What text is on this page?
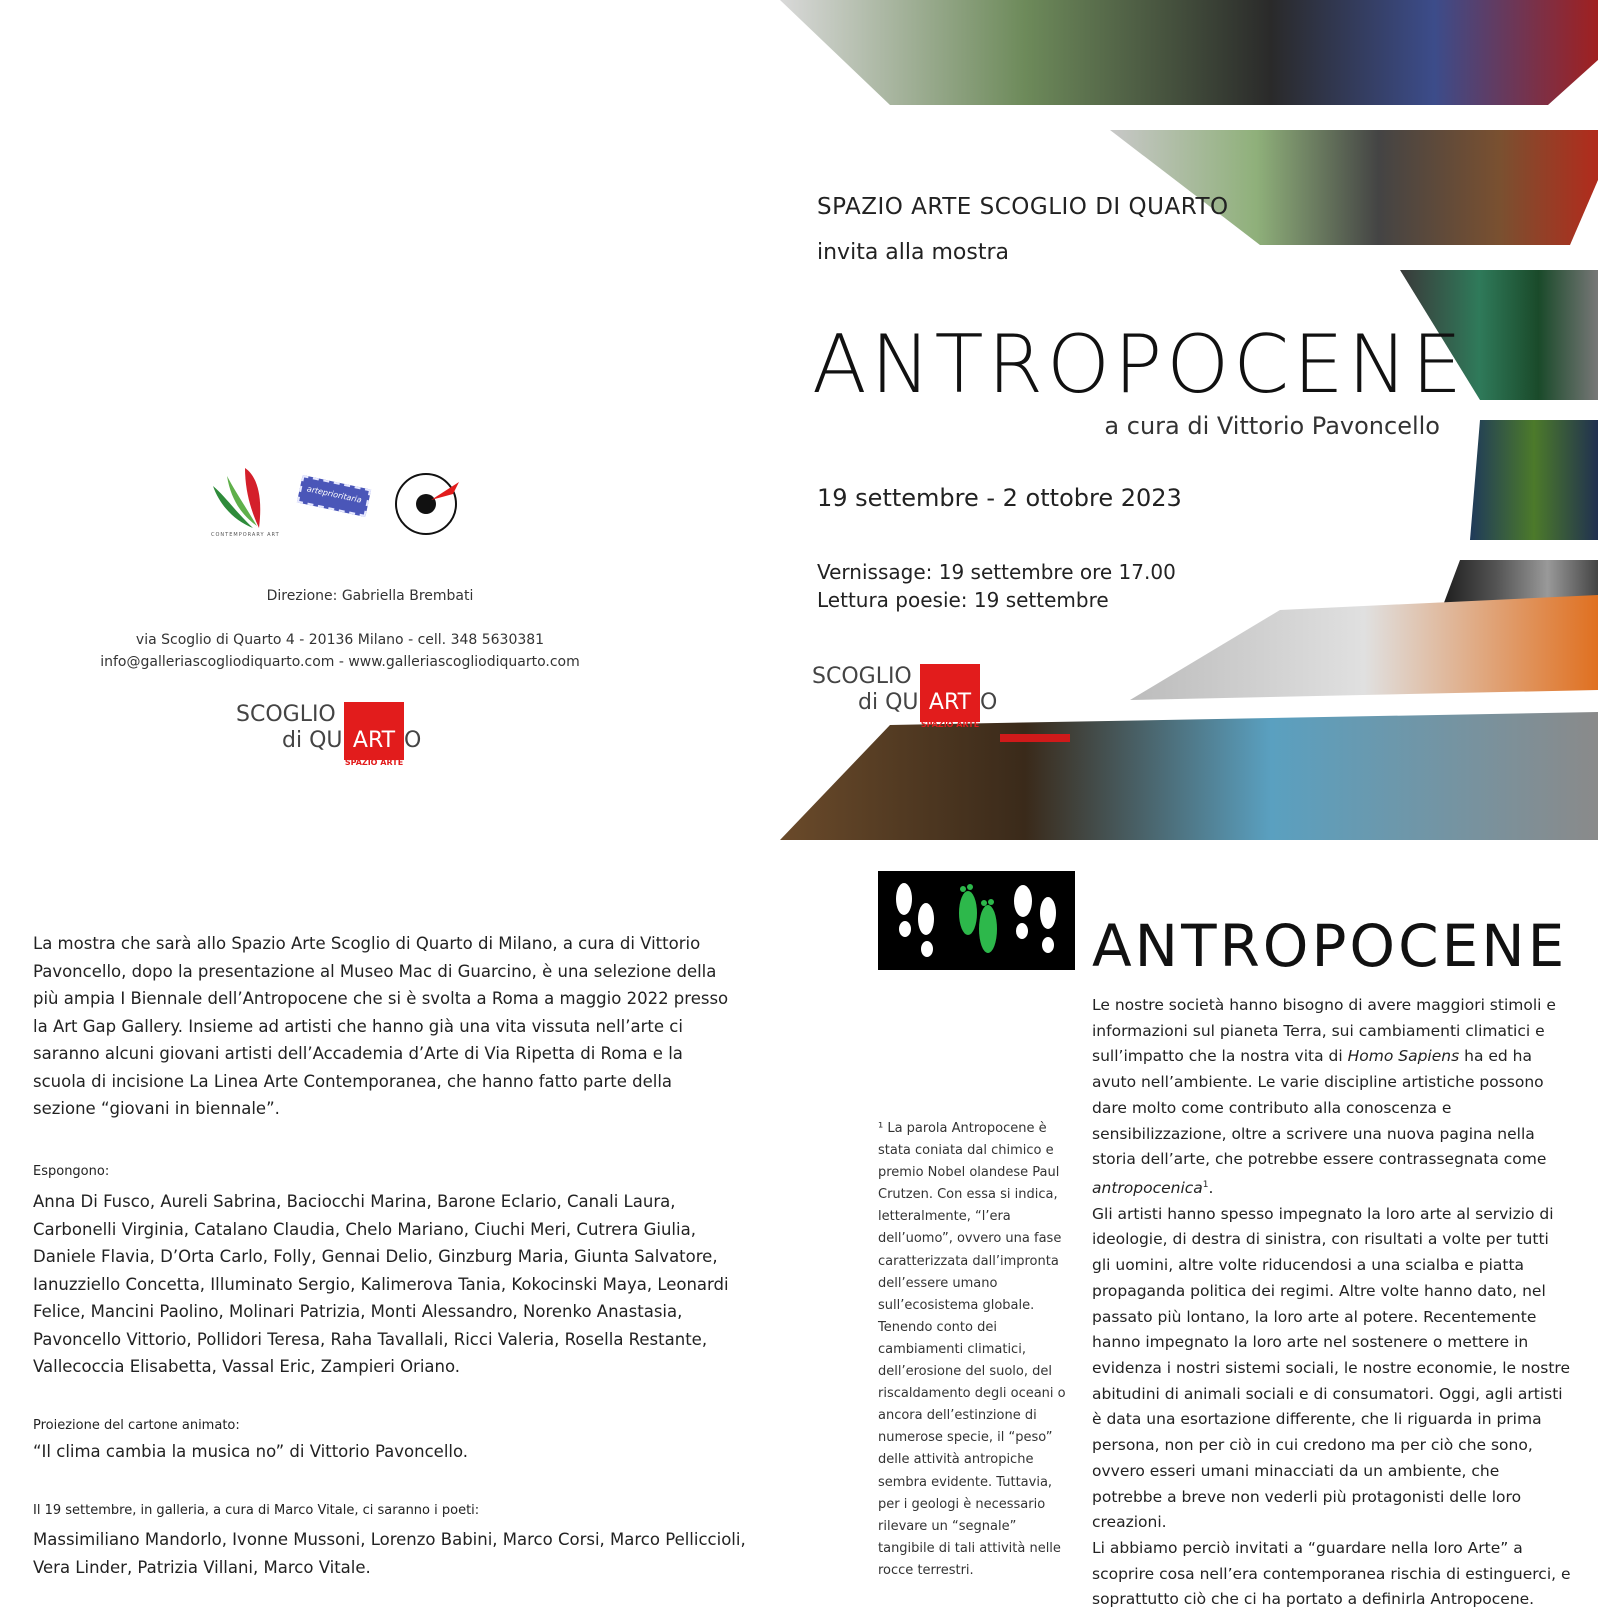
CONTEMPORARY ART
arteprioritaria
Direzione: Gabriella Brembati
via Scoglio di Quarto 4 - 20136 Milano - cell. 348 5630381
info@galleriascogliodiquarto.com - www.galleriascogliodiquarto.com
SCOGLIO
di QU ART O
SPAZIO ARTE
SPAZIO ARTE SCOGLIO DI QUARTO
invita alla mostra
ANTROPOCENE
a cura di Vittorio Pavoncello
19 settembre - 2 ottobre 2023
Vernissage: 19 settembre ore 17.00
Lettura poesie: 19 settembre
SCOGLIO
di QU ART O
SPAZIO ARTE
La mostra che sarà allo Spazio Arte Scoglio di Quarto di Milano, a cura di Vittorio Pavoncello, dopo la presentazione al Museo Mac di Guarcino, è una selezione della più ampia I Biennale dell’Antropocene che si è svolta a Roma a maggio 2022 presso la Art Gap Gallery. Insieme ad artisti che hanno già una vita vissuta nell’arte ci saranno alcuni giovani artisti dell’Accademia d’Arte di Via Ripetta di Roma e la scuola di incisione La Linea Arte Contemporanea, che hanno fatto parte della sezione “giovani in biennale”.
Espongono:
Anna Di Fusco, Aureli Sabrina, Baciocchi Marina, Barone Eclario, Canali Laura, Carbonelli Virginia, Catalano Claudia, Chelo Mariano, Ciuchi Meri, Cutrera Giulia, Daniele Flavia, D’Orta Carlo, Folly, Gennai Delio, Ginzburg Maria, Giunta Salvatore, Ianuzziello Concetta, Illuminato Sergio, Kalimerova Tania, Kokocinski Maya, Leonardi Felice, Mancini Paolino, Molinari Patrizia, Monti Alessandro, Norenko Anastasia, Pavoncello Vittorio, Pollidori Teresa, Raha Tavallali, Ricci Valeria, Rosella Restante, Vallecoccia Elisabetta, Vassal Eric, Zampieri Oriano.
Proiezione del cartone animato:
“Il clima cambia la musica no” di Vittorio Pavoncello.
Il 19 settembre, in galleria, a cura di Marco Vitale, ci saranno i poeti:
Massimiliano Mandorlo, Ivonne Mussoni, Lorenzo Babini, Marco Corsi, Marco Pellicciolі, Vera Linder, Patrizia Villani, Marco Vitale.
ANTROPOCENE
¹ La parola Antropocene è stata coniata dal chimico e premio Nobel olandese Paul Crutzen. Con essa si indica, letteralmente, “l’era dell’uomo”, ovvero una fase caratterizzata dall’impronta dell’essere umano sull’ecosistema globale. Tenendo conto dei cambiamenti climatici, dell’erosione del suolo, del riscaldamento degli oceani o ancora dell’estinzione di numerose specie, il “peso” delle attività antropiche sembra evidente. Tuttavia, per i geologi è necessario rilevare un “segnale” tangibile di tali attività nelle rocce terrestri.
Le nostre società hanno bisogno di avere maggiori stimoli e informazioni sul pianeta Terra, sui cambiamenti climatici e sull’impatto che la nostra vita di Homo Sapiens ha ed ha avuto nell’ambiente. Le varie discipline artistiche possono dare molto come contributo alla conoscenza e sensibilizzazione, oltre a scrivere una nuova pagina nella storia dell’arte, che potrebbe essere contrassegnata come antropocenica$^1$.
Gli artisti hanno spesso impegnato la loro arte al servizio di ideologie, di destra di sinistra, con risultati a volte per tutti gli uomini, altre volte riducendosi a una scialba e piatta propaganda politica dei regimi. Altre volte hanno dato, nel passato più lontano, la loro arte al potere. Recentemente hanno impegnato la loro arte nel sostenere o mettere in evidenza i nostri sistemi sociali, le nostre economie, le nostre abitudini di animali sociali e di consumatori. Oggi, agli artisti è data una esortazione differente, che li riguarda in prima persona, non per ciò in cui credono ma per ciò che sono, ovvero esseri umani minacciati da un ambiente, che potrebbe a breve non vederli più protagonisti delle loro creazioni.
Li abbiamo perciò invitati a “guardare nella loro Arte” a scoprire cosa nell’era contemporanea rischia di estinguerci, e soprattutto ciò che ci ha portato a definirla Antropocene.
